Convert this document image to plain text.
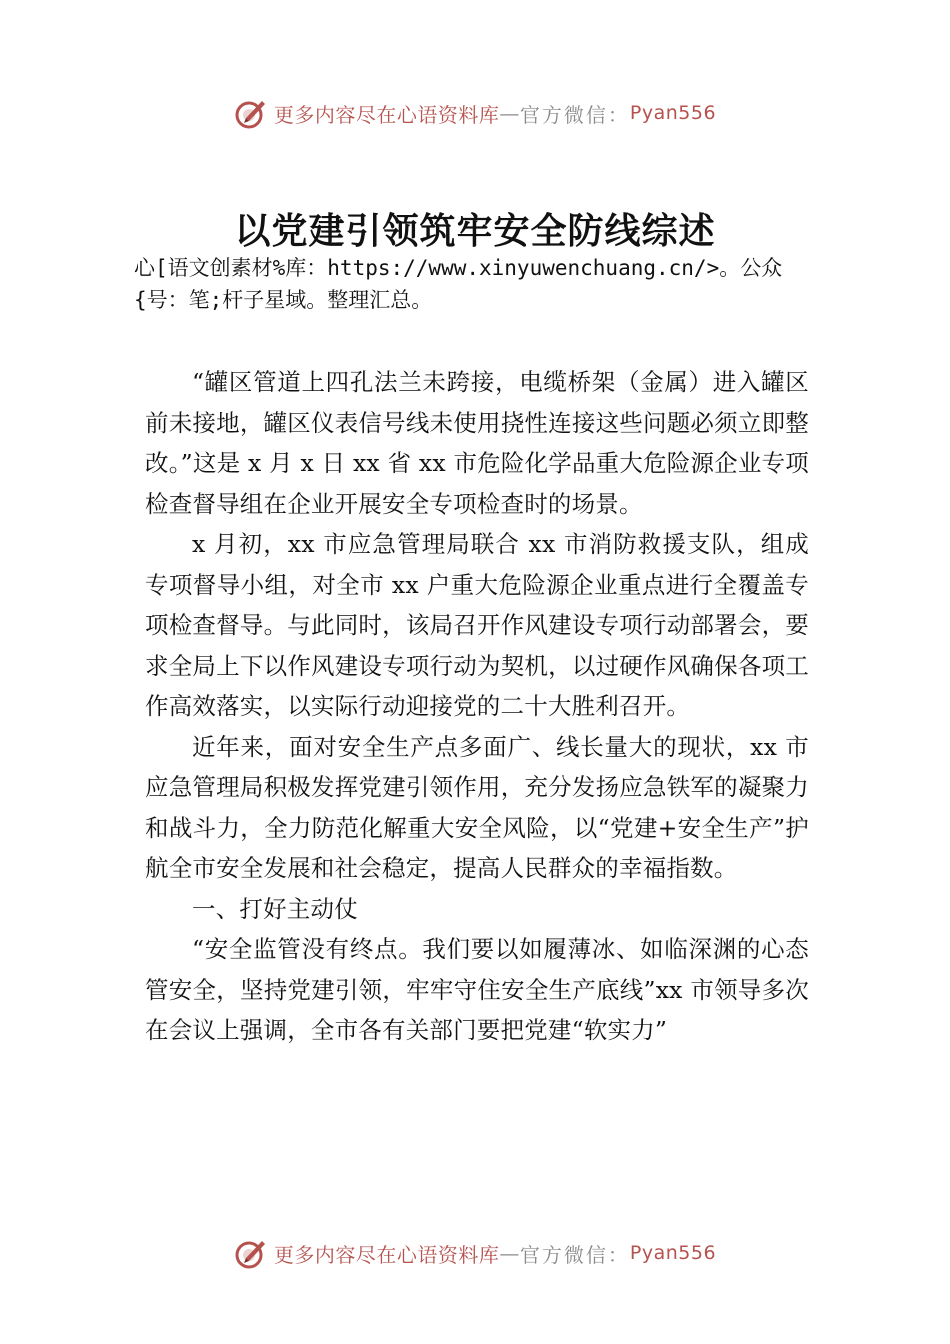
更多内容尽在心语资料库 — 官方微信： Pyan556
以党建引领筑牢安全防线综述
心[语文创素材%库：https://www.xinyuwenchuang.cn/>。公众{号：笔;杆子星域。整理汇总。

“罐区管道上四孔法兰未跨接，电缆桥架（金属）进入罐区前未接地，罐区仪表信号线未使用挠性连接这些问题必须立即整改。”这是 x 月 x 日 xx 省 xx 市危险化学品重大危险源企业专项检查督导组在企业开展安全专项检查时的场景。

x 月初，xx 市应急管理局联合 xx 市消防救援支队，组成专项督导小组，对全市 xx 户重大危险源企业重点进行全覆盖专项检查督导。与此同时，该局召开作风建设专项行动部署会，要求全局上下以作风建设专项行动为契机，以过硬作风确保各项工作高效落实，以实际行动迎接党的二十大胜利召开。

近年来，面对安全生产点多面广、线长量大的现状，xx 市应急管理局积极发挥党建引领作用，充分发扬应急铁军的凝聚力和战斗力，全力防范化解重大安全风险，以“党建+安全生产”护航全市安全发展和社会稳定，提高人民群众的幸福指数。

一、打好主动仗

“安全监管没有终点。我们要以如履薄冰、如临深渊的心态管安全，坚持党建引领，牢牢守住安全生产底线”xx 市领导多次在会议上强调，全市各有关部门要把党建“软实力”

更多内容尽在心语资料库 — 官方微信： Pyan556
